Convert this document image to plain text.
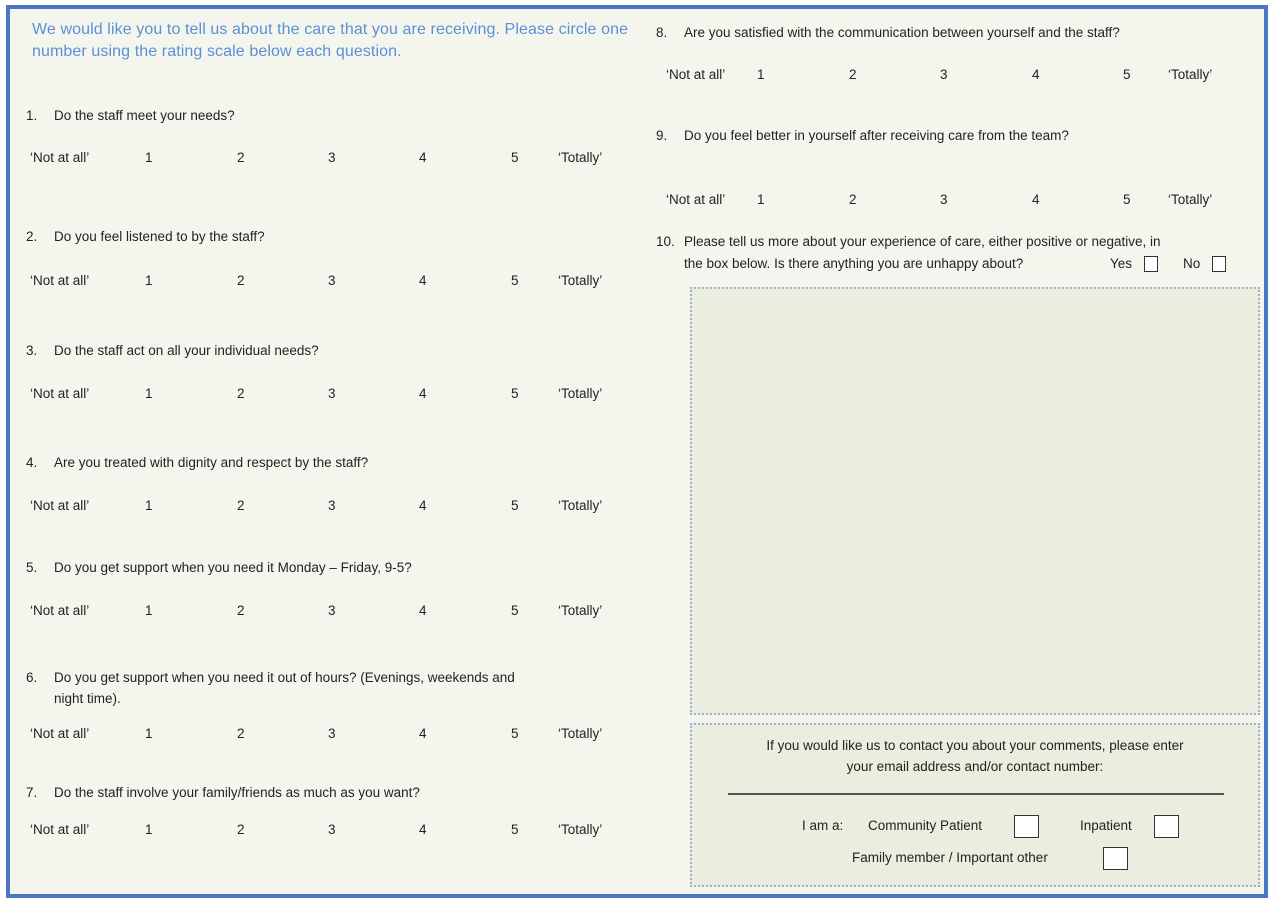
We would like you to tell us about the care that you are receiving. Please circle one number using the rating scale below each question.
1. Do the staff meet your needs?
‘Not at all’	1	2	3	4	5	‘Totally’
2. Do you feel listened to by the staff?
‘Not at all’	1	2	3	4	5	‘Totally’
3. Do the staff act on all your individual needs?
‘Not at all’	1	2	3	4	5	‘Totally’
4. Are you treated with dignity and respect by the staff?
‘Not at all’	1	2	3	4	5	‘Totally’
5. Do you get support when you need it Monday – Friday, 9-5?
‘Not at all’	1	2	3	4	5	‘Totally’
6. Do you get support when you need it out of hours? (Evenings, weekends and
night time).
‘Not at all’	1	2	3	4	5	‘Totally’
7. Do the staff involve your family/friends as much as you want?
‘Not at all’	1	2	3	4	5	‘Totally’
8. Are you satisfied with the communication between yourself and the staff?
‘Not at all’ 1	2	3	4	5	‘Totally’
9. Do you feel better in yourself after receiving care from the team?
‘Not at all’ 1	2	3	4	5	‘Totally’
10. Please tell us more about your experience of care, either positive or negative, in
the box below. Is there anything you are unhappy about?	Yes	No
If you would like us to contact you about your comments, please enter
your email address and/or contact number:
I am a: Community Patient	Inpatient
Family member / Important other
